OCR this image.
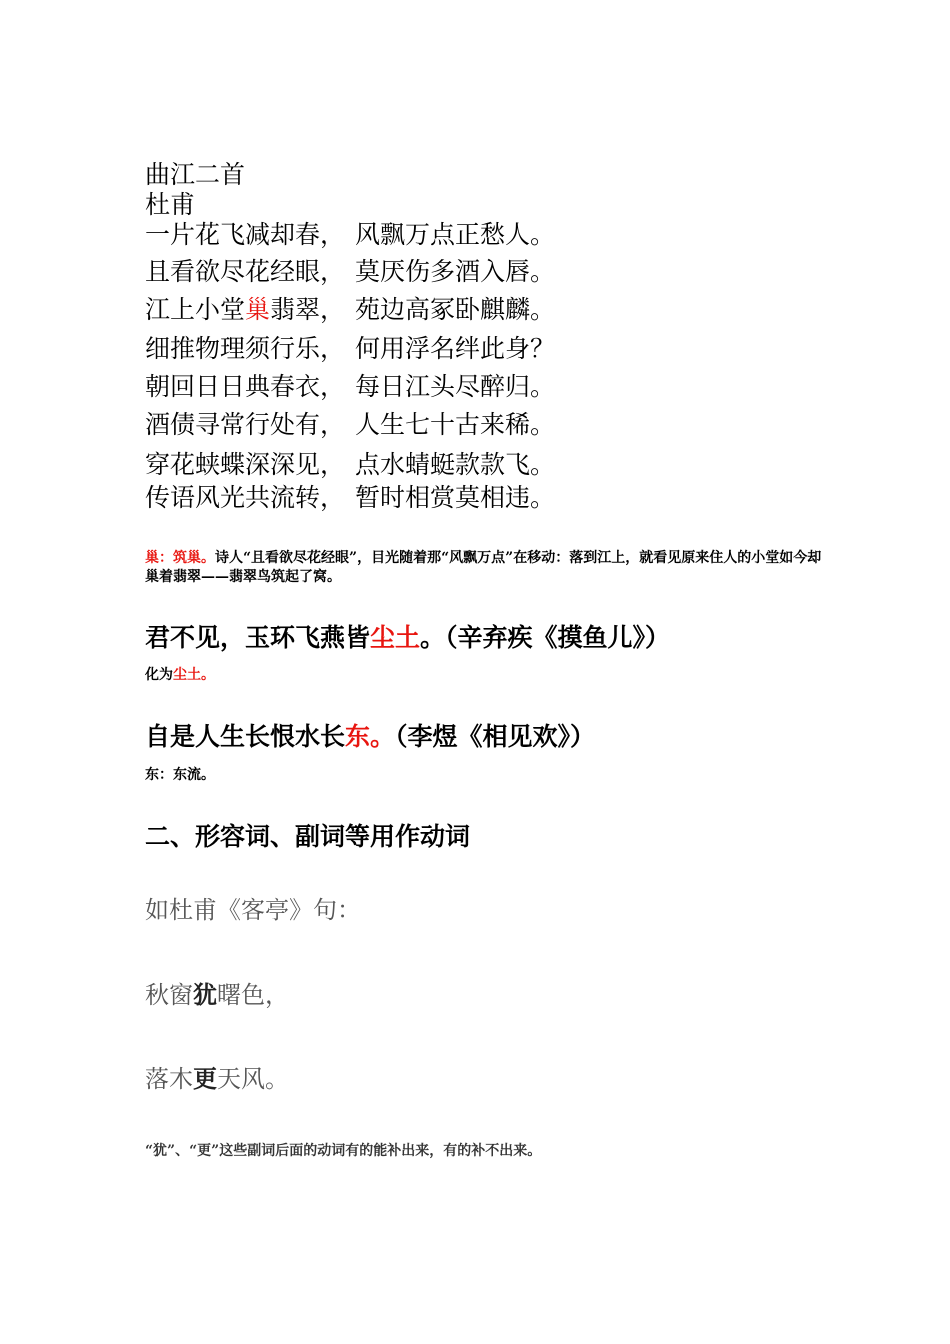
曲江二首
杜甫
一片花飞减却春， 风飘万点正愁人。
且看欲尽花经眼， 莫厌伤多酒入唇。
江上小堂巢翡翠， 苑边高冢卧麒麟。
细推物理须行乐， 何用浮名绊此身？
朝回日日典春衣， 每日江头尽醉归。
酒债寻常行处有， 人生七十古来稀。
穿花蛱蝶深深见， 点水蜻蜓款款飞。
传语风光共流转， 暂时相赏莫相违。
巢：筑巢。诗人“且看欲尽花经眼”，目光随着那“风飘万点”在移动：落到江上，就看见原来住人的小堂如今却巢着翡翠——翡翠鸟筑起了窝。
君不见，玉环飞燕皆尘土。（辛弃疾《摸鱼儿》）
化为尘土。
自是人生长恨水长东。（李煜《相见欢》）
东：东流。
二、形容词、副词等用作动词
如杜甫《客亭》句：
秋窗犹曙色，
落木更天风。
“犹”、“更”这些副词后面的动词有的能补出来，有的补不出来。
